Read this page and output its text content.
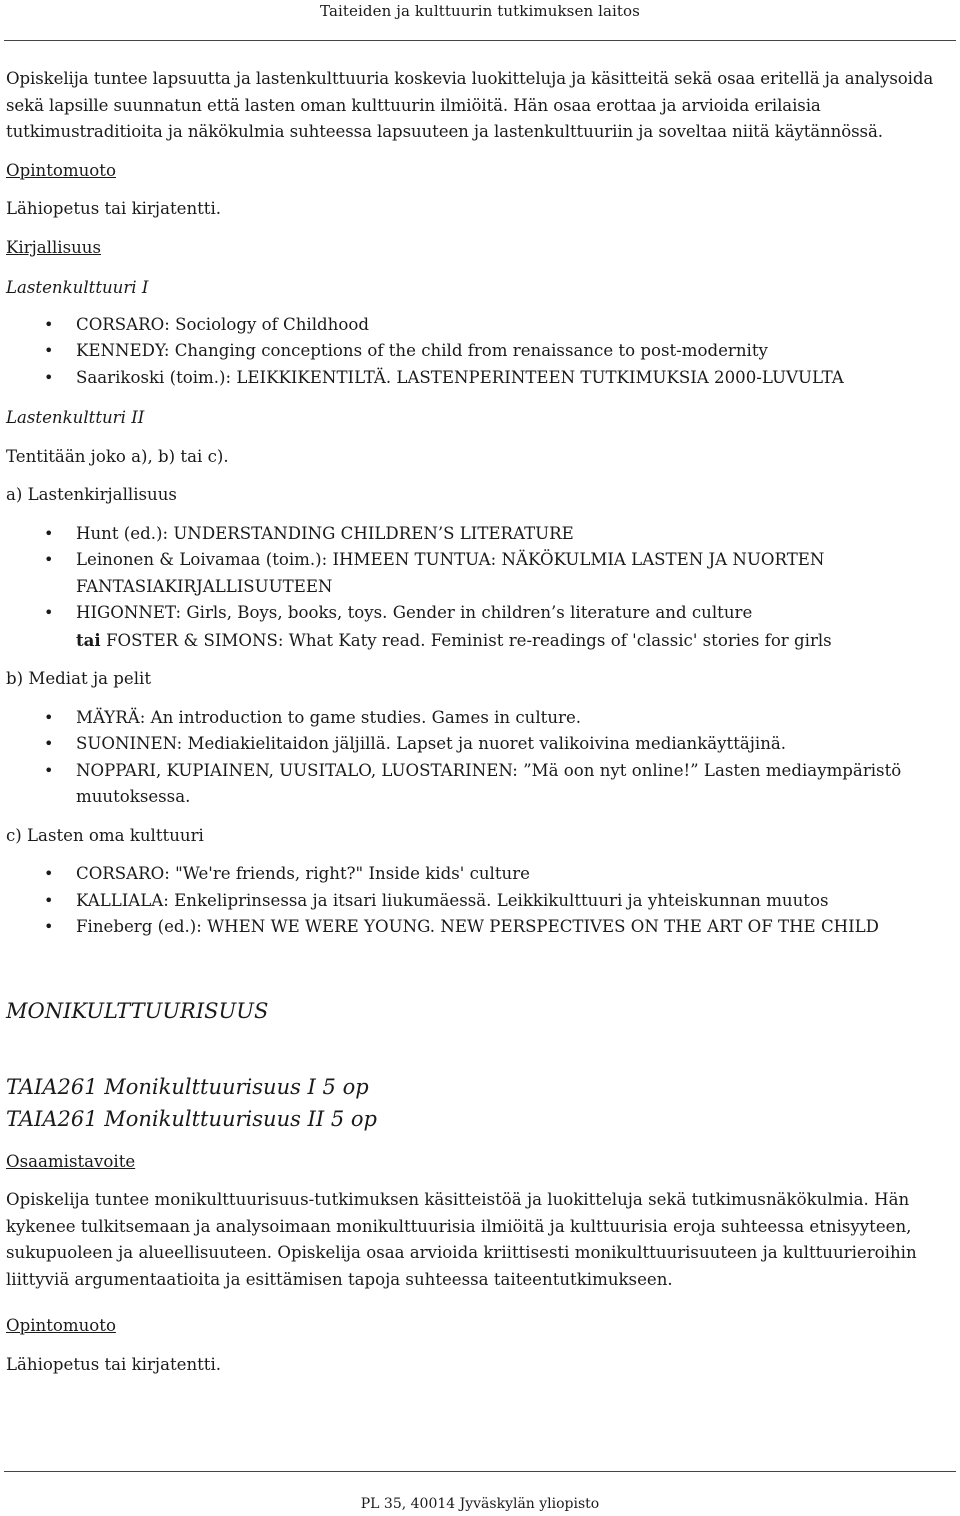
Taiteiden ja kulttuurin tutkimuksen laitos

Opiskelija tuntee lapsuutta ja lastenkulttuuria koskevia luokitteluja ja käsitteitä sekä osaa eritellä ja analysoida sekä lapsille suunnatun että lasten oman kulttuurin ilmiöitä. Hän osaa erottaa ja arvioida erilaisia tutkimustraditioita ja näkökulmia suhteessa lapsuuteen ja lastenkulttuuriin ja soveltaa niitä käytännössä.

Opintomuoto

Lähiopetus tai kirjatentti.

Kirjallisuus

Lastenkulttuuri I

• CORSARO: Sociology of Childhood
• KENNEDY: Changing conceptions of the child from renaissance to post-modernity
• Saarikoski (toim.): LEIKKIKENTILTÄ. LASTENPERINTEEN TUTKIMUKSIA 2000-LUVULTA

Lastenkultturi II

Tentitään joko a), b) tai c).

a) Lastenkirjallisuus

• Hunt (ed.): UNDERSTANDING CHILDREN’S LITERATURE
• Leinonen & Loivamaa (toim.): IHMEEN TUNTUA: NÄKÖKULMIA LASTEN JA NUORTEN FANTASIAKIRJALLISUUTEEN
• HIGONNET: Girls, Boys, books, toys. Gender in children’s literature and culture

tai FOSTER & SIMONS: What Katy read. Feminist re-readings of 'classic' stories for girls

b) Mediat ja pelit

• MÄYRÄ: An introduction to game studies. Games in culture.
• SUONINEN: Mediakielitaidon jäljillä. Lapset ja nuoret valikoivina mediankäyttäjinä.
• NOPPARI, KUPIAINEN, UUSITALO, LUOSTARINEN: ”Mä oon nyt online!” Lasten mediaympäristö muutoksessa.

c) Lasten oma kulttuuri

• CORSARO: "We're friends, right?" Inside kids' culture
• KALLIALA: Enkeliprinsessa ja itsari liukumäessä. Leikkikulttuuri ja yhteiskunnan muutos
• Fineberg (ed.): WHEN WE WERE YOUNG. NEW PERSPECTIVES ON THE ART OF THE CHILD

MONIKULTTUURISUUS

TAIA261 Monikulttuurisuus I 5 op

TAIA261 Monikulttuurisuus II 5 op

Osaamistavoite

Opiskelija tuntee monikulttuurisuus-tutkimuksen käsitteistöä ja luokitteluja sekä tutkimusnäkökulmia. Hän kykenee tulkitsemaan ja analysoimaan monikulttuurisia ilmiöitä ja kulttuurisia eroja suhteessa etnisyyteen, sukupuoleen ja alueellisuuteen. Opiskelija osaa arvioida kriittisesti monikulttuurisuuteen ja kulttuurieroihin liittyviä argumentaatioita ja esittämisen tapoja suhteessa taiteentutkimukseen.

Opintomuoto

Lähiopetus tai kirjatentti.

PL 35, 40014 Jyväskylän yliopisto
